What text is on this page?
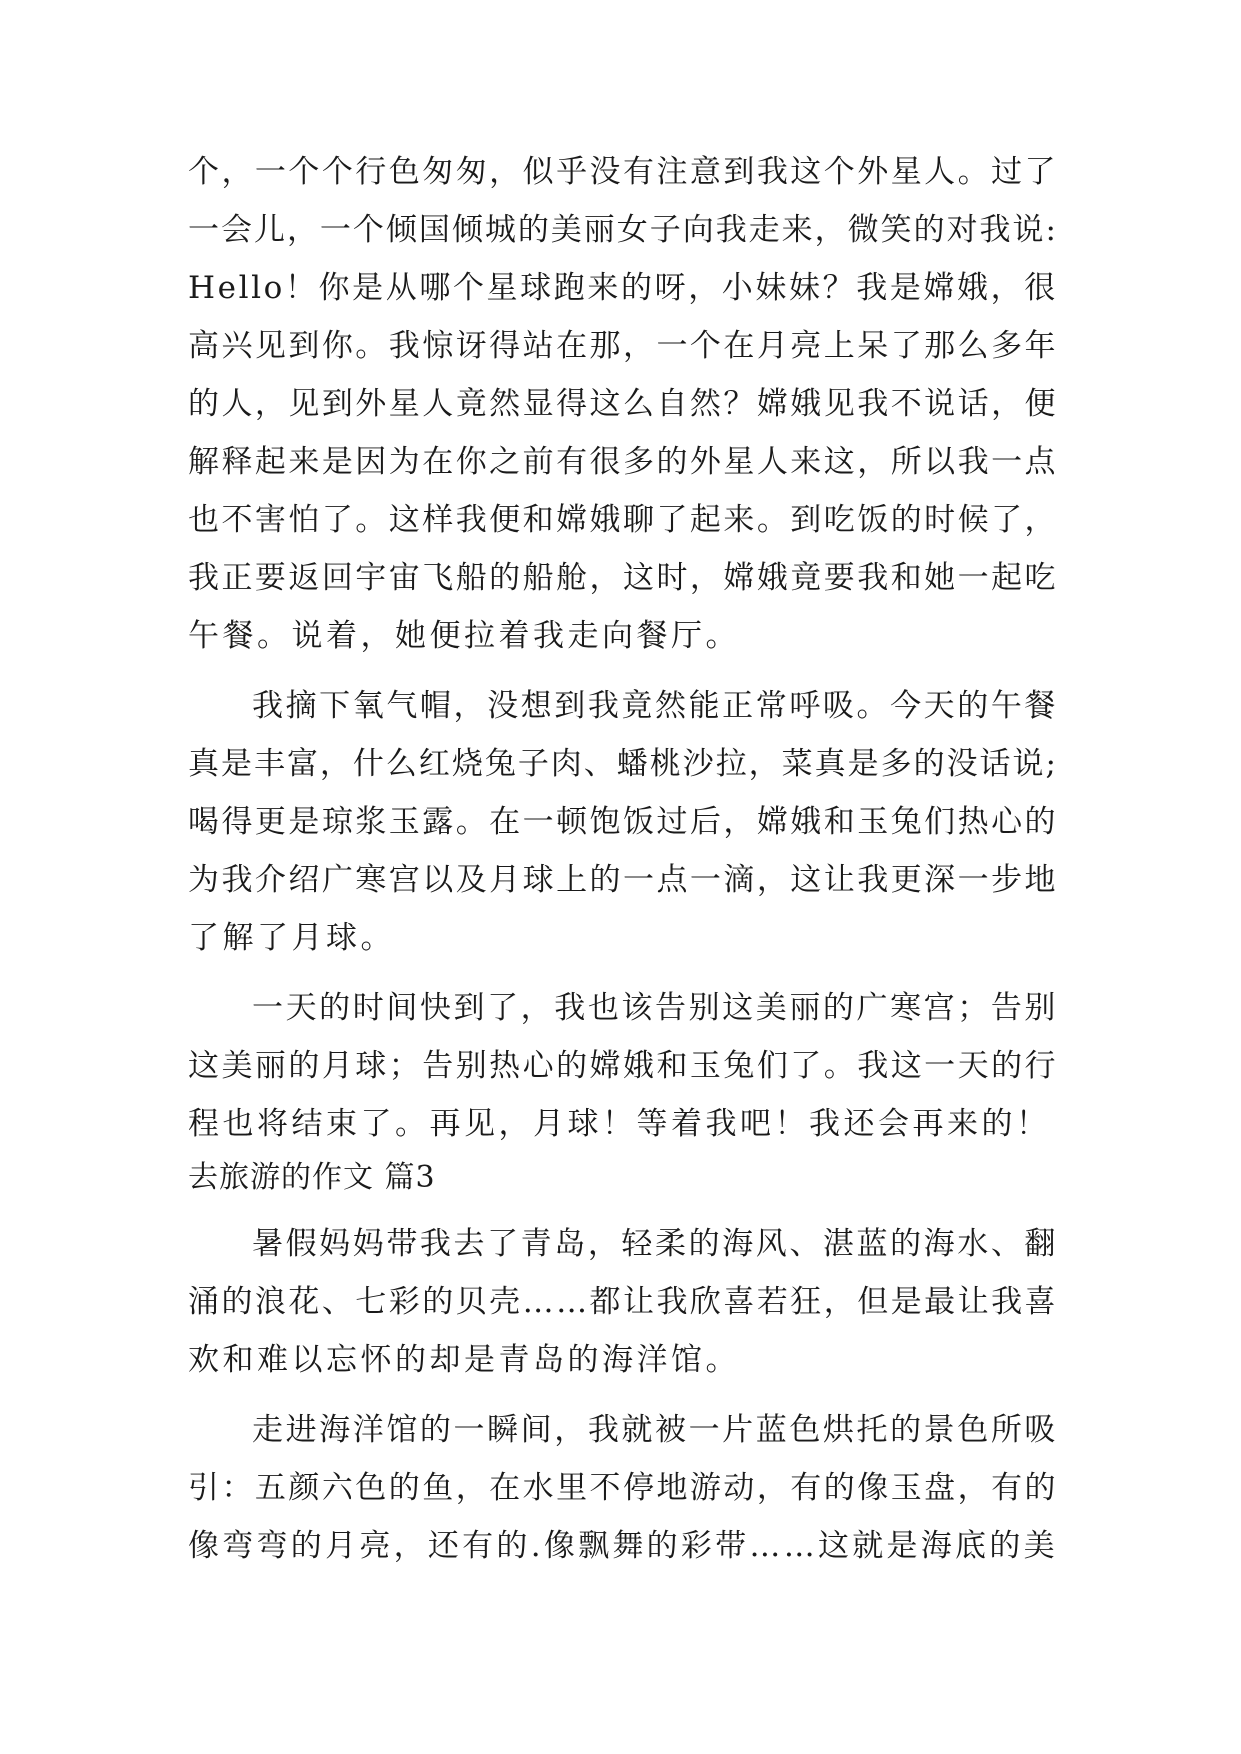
个，一个个行色匆匆，似乎没有注意到我这个外星人。过了
一会儿，一个倾国倾城的美丽女子向我走来，微笑的对我说:
Hello！你是从哪个星球跑来的呀，小妹妹？我是嫦娥，很
高兴见到你。我惊讶得站在那，一个在月亮上呆了那么多年
的人，见到外星人竟然显得这么自然？嫦娥见我不说话，便
解释起来是因为在你之前有很多的外星人来这，所以我一点
也不害怕了。这样我便和嫦娥聊了起来。到吃饭的时候了，
我正要返回宇宙飞船的船舱，这时，嫦娥竟要我和她一起吃
午餐。说着，她便拉着我走向餐厅。
我摘下氧气帽，没想到我竟然能正常呼吸。今天的午餐
真是丰富，什么红烧兔子肉、蟠桃沙拉，菜真是多的没话说;
喝得更是琼浆玉露。在一顿饱饭过后，嫦娥和玉兔们热心的
为我介绍广寒宫以及月球上的一点一滴，这让我更深一步地
了解了月球。
一天的时间快到了，我也该告别这美丽的广寒宫；告别
这美丽的月球；告别热心的嫦娥和玉兔们了。我这一天的行
程也将结束了。再见，月球！等着我吧！我还会再来的！
去旅游的作文 篇3
暑假妈妈带我去了青岛，轻柔的海风、湛蓝的海水、翻
涌的浪花、七彩的贝壳……都让我欣喜若狂，但是最让我喜
欢和难以忘怀的却是青岛的海洋馆。
走进海洋馆的一瞬间，我就被一片蓝色烘托的景色所吸
引：五颜六色的鱼，在水里不停地游动，有的像玉盘，有的
像弯弯的月亮，还有的.像飘舞的彩带……这就是海底的美
